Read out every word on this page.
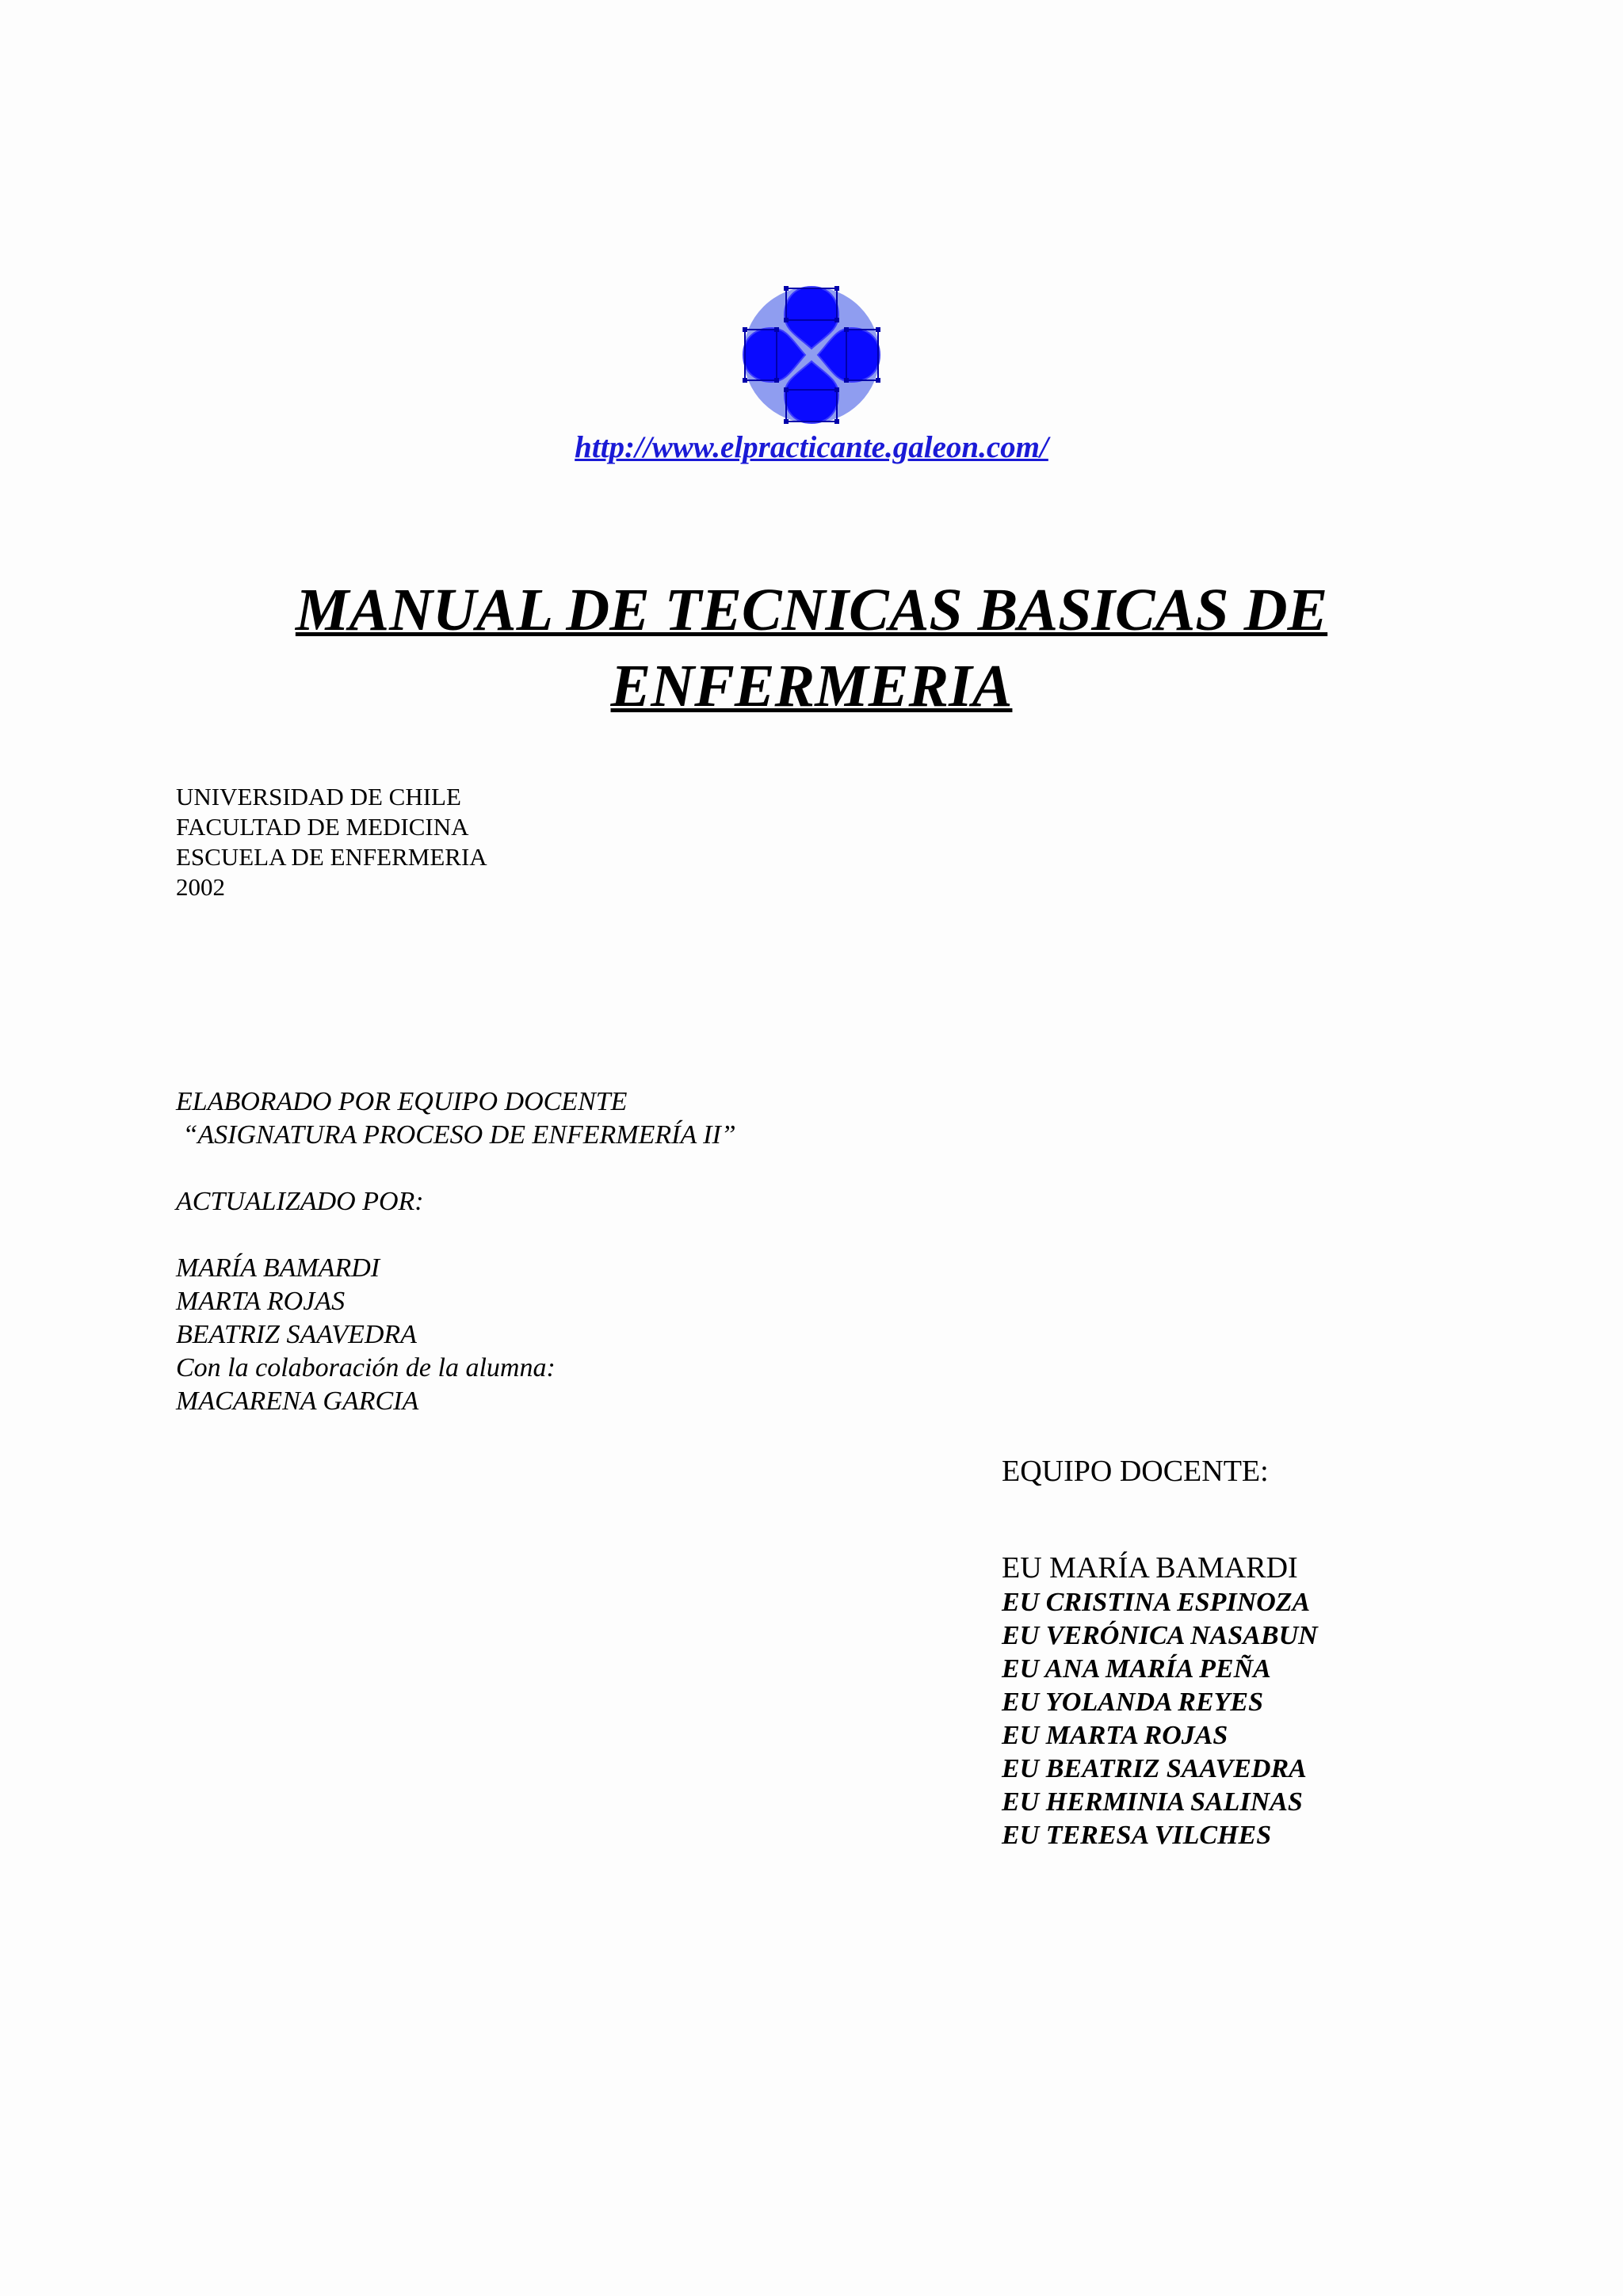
http://www.elpracticante.galeon.com/
MANUAL DE TECNICAS BASICAS DE
ENFERMERIA
UNIVERSIDAD DE CHILE
FACULTAD DE MEDICINA
ESCUELA DE ENFERMERIA
2002
ELABORADO POR EQUIPO DOCENTE
“ASIGNATURA PROCESO DE ENFERMERÍA II”
ACTUALIZADO POR:
MARÍA BAMARDI
MARTA ROJAS
BEATRIZ SAAVEDRA
Con la colaboración de la alumna:
MACARENA GARCIA
EQUIPO DOCENTE:
EU MARÍA BAMARDI
EU CRISTINA ESPINOZA
EU VERÓNICA NASABUN
EU ANA MARÍA PEÑA
EU YOLANDA REYES
EU MARTA ROJAS
EU BEATRIZ SAAVEDRA
EU HERMINIA SALINAS
EU TERESA VILCHES
